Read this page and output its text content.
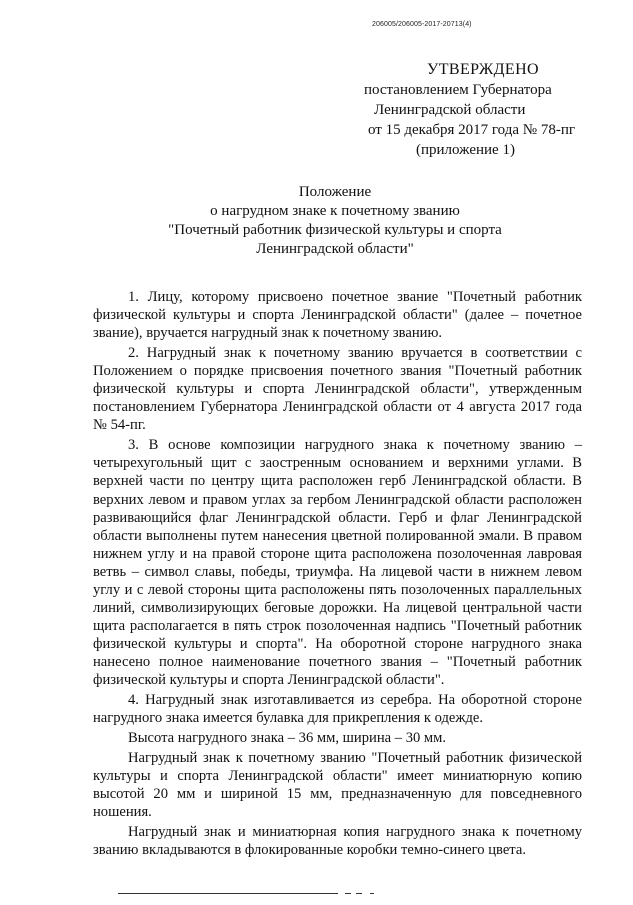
206005/206005-2017-20713(4)
УТВЕРЖДЕНО
постановлением Губернатора
Ленинградской области
от 15 декабря 2017 года № 78-пг
(приложение 1)
Положение
о нагрудном знаке к почетному званию
"Почетный работник физической культуры и спорта
Ленинградской области"

1. Лицу, которому присвоено почетное звание "Почетный работник физической культуры и спорта Ленинградской области" (далее – почетное звание), вручается нагрудный знак к почетному званию.

2. Нагрудный знак к почетному званию вручается в соответствии с Положением о порядке присвоения почетного звания "Почетный работник физической культуры и спорта Ленинградской области", утвержденным постановлением Губернатора Ленинградской области от 4 августа 2017 года № 54-пг.

3. В основе композиции нагрудного знака к почетному званию – четырехугольный щит с заостренным основанием и верхними углами. В верхней части по центру щита расположен герб Ленинградской области. В верхних левом и правом углах за гербом Ленинградской области расположен развивающийся флаг Ленинградской области. Герб и флаг Ленинградской области выполнены путем нанесения цветной полированной эмали. В правом нижнем углу и на правой стороне щита расположена позолоченная лавровая ветвь – символ славы, победы, триумфа. На лицевой части в нижнем левом углу и с левой стороны щита расположены пять позолоченных параллельных линий, символизирующих беговые дорожки. На лицевой центральной части щита располагается в пять строк позолоченная надпись "Почетный работник физической культуры и спорта". На оборотной стороне нагрудного знака нанесено полное наименование почетного звания – "Почетный работник физической культуры и спорта Ленинградской области".

4. Нагрудный знак изготавливается из серебра. На оборотной стороне нагрудного знака имеется булавка для прикрепления к одежде.

Высота нагрудного знака – 36 мм, ширина – 30 мм.

Нагрудный знак к почетному званию "Почетный работник физической культуры и спорта Ленинградской области" имеет миниатюрную копию высотой 20 мм и шириной 15 мм, предназначенную для повседневного ношения.

Нагрудный знак и миниатюрная копия нагрудного знака к почетному званию вкладываются в флокированные коробки темно-синего цвета.
